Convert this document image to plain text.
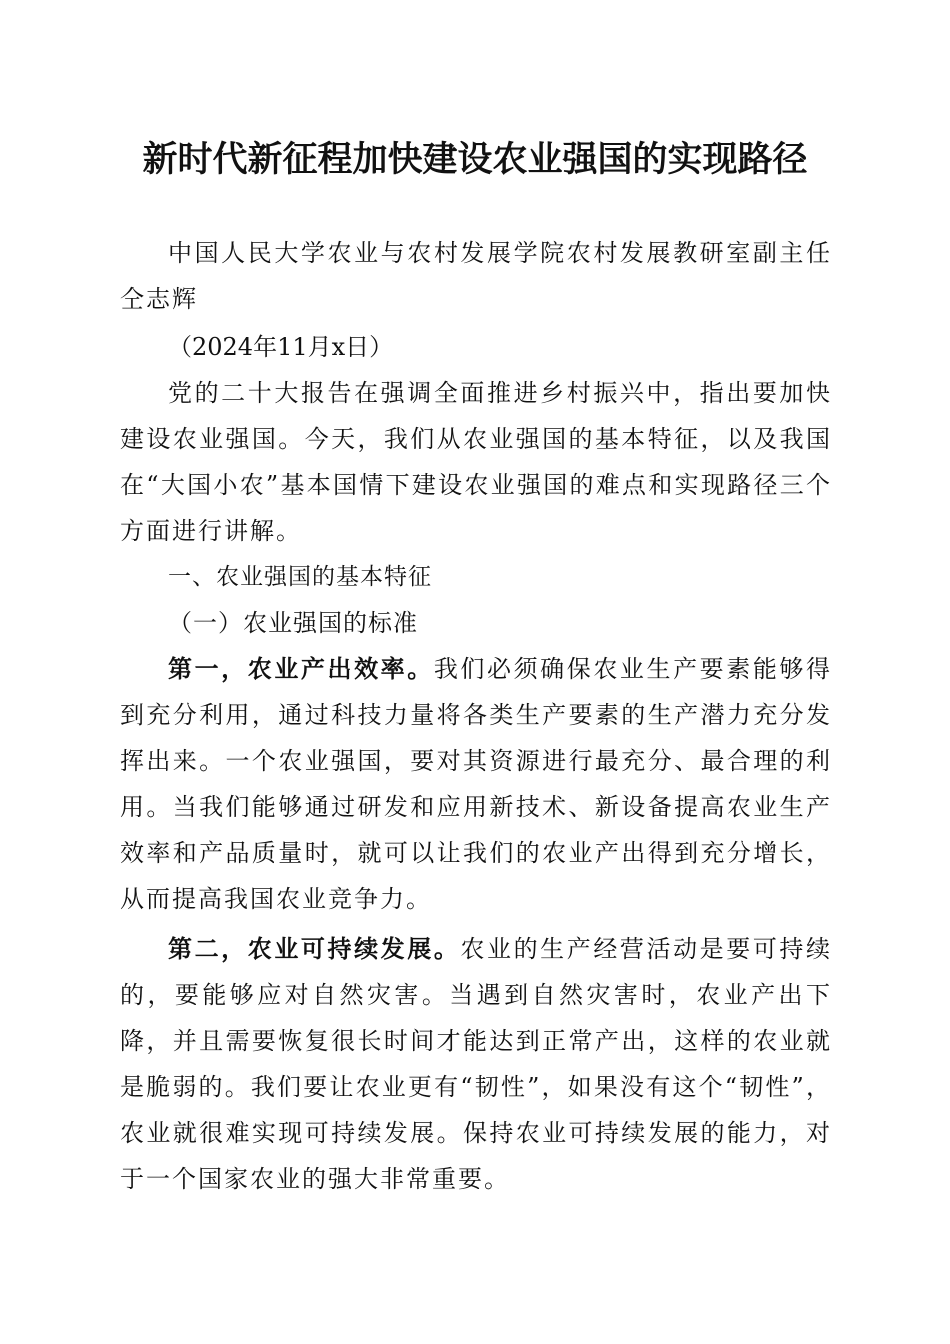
新时代新征程加快建设农业强国的实现路径

中国人民大学农业与农村发展学院农村发展教研室副主任仝志辉

（2024年11月x日）

党的二十大报告在强调全面推进乡村振兴中，指出要加快建设农业强国。今天，我们从农业强国的基本特征，以及我国在“大国小农”基本国情下建设农业强国的难点和实现路径三个方面进行讲解。

一、农业强国的基本特征

（一）农业强国的标准

第一，农业产出效率。我们必须确保农业生产要素能够得到充分利用，通过科技力量将各类生产要素的生产潜力充分发挥出来。一个农业强国，要对其资源进行最充分、最合理的利用。当我们能够通过研发和应用新技术、新设备提高农业生产效率和产品质量时，就可以让我们的农业产出得到充分增长，从而提高我国农业竞争力。

第二，农业可持续发展。农业的生产经营活动是要可持续的，要能够应对自然灾害。当遇到自然灾害时，农业产出下降，并且需要恢复很长时间才能达到正常产出，这样的农业就是脆弱的。我们要让农业更有“韧性”，如果没有这个“韧性”，农业就很难实现可持续发展。保持农业可持续发展的能力，对于一个国家农业的强大非常重要。
